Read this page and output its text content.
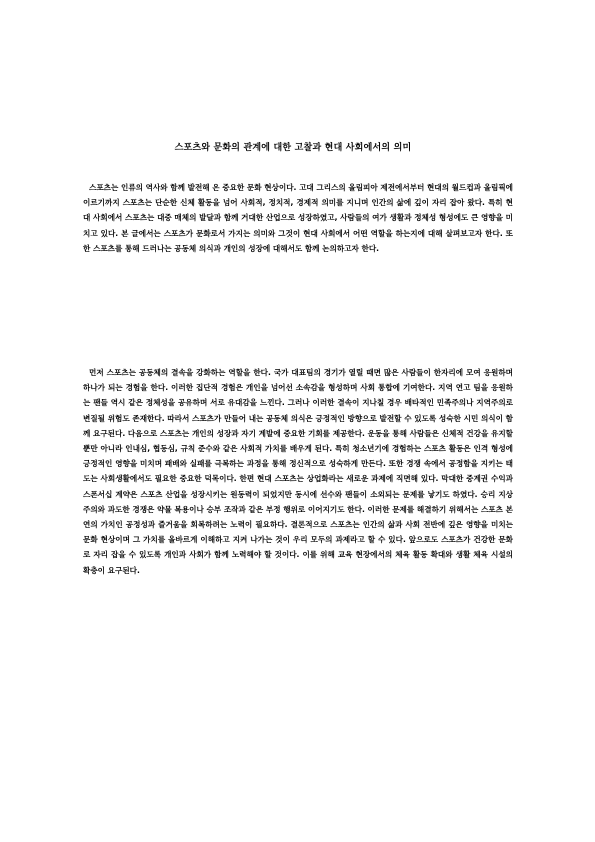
스포츠와 문화의 관계에 대한 고찰과 현대 사회에서의 의미

스포츠는 인류의 역사와 함께 발전해 온 중요한 문화 현상이다. 고대 그리스의 올림피아 제전에서부터 현대의 월드컵과 올림픽에 이르기까지 스포츠는 단순한 신체 활동을 넘어 사회적, 정치적, 경제적 의미를 지니며 인간의 삶에 깊이 자리 잡아 왔다. 특히 현대 사회에서 스포츠는 대중 매체의 발달과 함께 거대한 산업으로 성장하였고, 사람들의 여가 생활과 정체성 형성에도 큰 영향을 미치고 있다. 본 글에서는 스포츠가 문화로서 가지는 의미와 그것이 현대 사회에서 어떤 역할을 하는지에 대해 살펴보고자 한다. 또한 스포츠를 통해 드러나는 공동체 의식과 개인의 성장에 대해서도 함께 논의하고자 한다.

먼저 스포츠는 공동체의 결속을 강화하는 역할을 한다. 국가 대표팀의 경기가 열릴 때면 많은 사람들이 한자리에 모여 응원하며 하나가 되는 경험을 한다. 이러한 집단적 경험은 개인을 넘어선 소속감을 형성하며 사회 통합에 기여한다. 지역 연고 팀을 응원하는 팬들 역시 같은 정체성을 공유하며 서로 유대감을 느낀다. 그러나 이러한 결속이 지나칠 경우 배타적인 민족주의나 지역주의로 변질될 위험도 존재한다. 따라서 스포츠가 만들어 내는 공동체 의식은 긍정적인 방향으로 발전할 수 있도록 성숙한 시민 의식이 함께 요구된다. 다음으로 스포츠는 개인의 성장과 자기 계발에 중요한 기회를 제공한다. 운동을 통해 사람들은 신체적 건강을 유지할 뿐만 아니라 인내심, 협동심, 규칙 준수와 같은 사회적 가치를 배우게 된다. 특히 청소년기에 경험하는 스포츠 활동은 인격 형성에 긍정적인 영향을 미치며 패배와 실패를 극복하는 과정을 통해 정신적으로 성숙하게 만든다. 또한 경쟁 속에서 공정함을 지키는 태도는 사회생활에서도 필요한 중요한 덕목이다. 한편 현대 스포츠는 상업화라는 새로운 과제에 직면해 있다. 막대한 중계권 수익과 스폰서십 계약은 스포츠 산업을 성장시키는 원동력이 되었지만 동시에 선수와 팬들이 소외되는 문제를 낳기도 하였다. 승리 지상주의와 과도한 경쟁은 약물 복용이나 승부 조작과 같은 부정 행위로 이어지기도 한다. 이러한 문제를 해결하기 위해서는 스포츠 본연의 가치인 공정성과 즐거움을 회복하려는 노력이 필요하다. 결론적으로 스포츠는 인간의 삶과 사회 전반에 깊은 영향을 미치는 문화 현상이며 그 가치를 올바르게 이해하고 지켜 나가는 것이 우리 모두의 과제라고 할 수 있다. 앞으로도 스포츠가 건강한 문화로 자리 잡을 수 있도록 개인과 사회가 함께 노력해야 할 것이다. 이를 위해 교육 현장에서의 체육 활동 확대와 생활 체육 시설의 확충이 요구된다.
